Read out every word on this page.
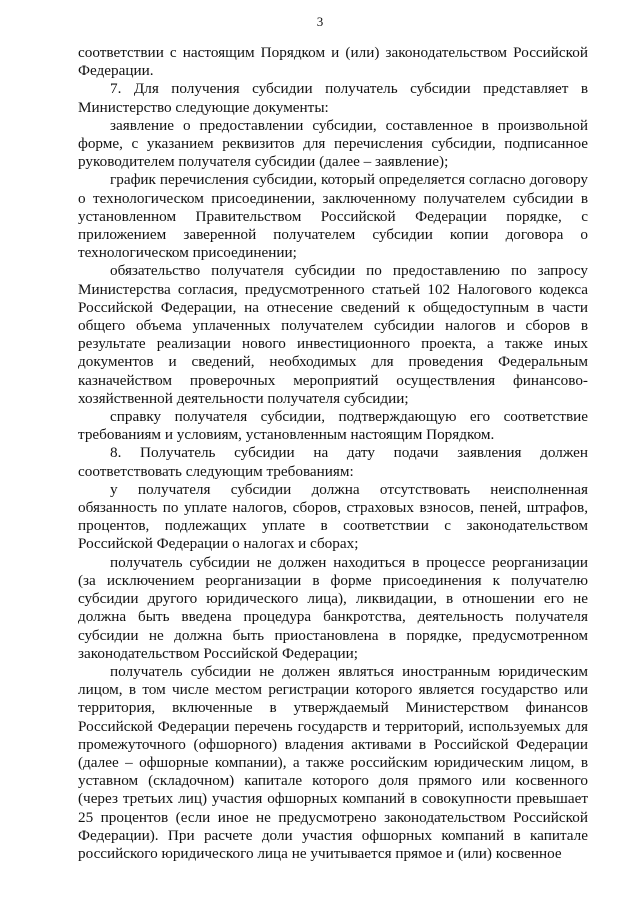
3

соответствии с настоящим Порядком и (или) законодательством Российской Федерации.

7. Для получения субсидии получатель субсидии представляет в Министерство следующие документы:

заявление о предоставлении субсидии, составленное в произвольной форме, с указанием реквизитов для перечисления субсидии, подписанное руководителем получателя субсидии (далее – заявление);

график перечисления субсидии, который определяется согласно договору о технологическом присоединении, заключенному получателем субсидии в установленном Правительством Российской Федерации порядке, с приложением заверенной получателем субсидии копии договора о технологическом присоединении;

обязательство получателя субсидии по предоставлению по запросу Министерства согласия, предусмотренного статьей 102 Налогового кодекса Российской Федерации, на отнесение сведений к общедоступным в части общего объема уплаченных получателем субсидии налогов и сборов в результате реализации нового инвестиционного проекта, а также иных документов и сведений, необходимых для проведения Федеральным казначейством проверочных мероприятий осуществления финансово-хозяйственной деятельности получателя субсидии;

справку получателя субсидии, подтверждающую его соответствие требованиям и условиям, установленным настоящим Порядком.

8. Получатель субсидии на дату подачи заявления должен соответствовать следующим требованиям:

у получателя субсидии должна отсутствовать неисполненная обязанность по уплате налогов, сборов, страховых взносов, пеней, штрафов, процентов, подлежащих уплате в соответствии с законодательством Российской Федерации о налогах и сборах;

получатель субсидии не должен находиться в процессе реорганизации (за исключением реорганизации в форме присоединения к получателю субсидии другого юридического лица), ликвидации, в отношении его не должна быть введена процедура банкротства, деятельность получателя субсидии не должна быть приостановлена в порядке, предусмотренном законодательством Российской Федерации;

получатель субсидии не должен являться иностранным юридическим лицом, в том числе местом регистрации которого является государство или территория, включенные в утверждаемый Министерством финансов Российской Федерации перечень государств и территорий, используемых для промежуточного (офшорного) владения активами в Российской Федерации (далее – офшорные компании), а также российским юридическим лицом, в уставном (складочном) капитале которого доля прямого или косвенного (через третьих лиц) участия офшорных компаний в совокупности превышает 25 процентов (если иное не предусмотрено законодательством Российской Федерации). При расчете доли участия офшорных компаний в капитале российского юридического лица не учитывается прямое и (или) косвенное
